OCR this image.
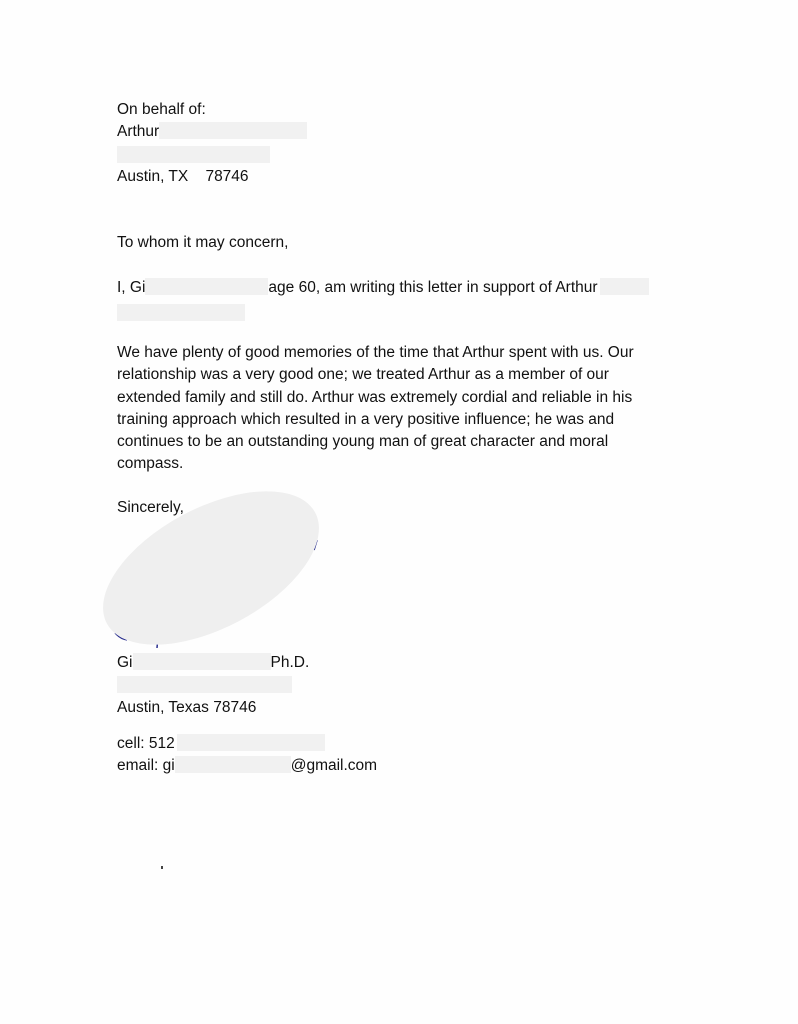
On behalf of:
Arthur
Austin, TX    78746
To whom it may concern,
I, Gi	age 60, am writing this letter in support of Arthur
We have plenty of good memories of the time that Arthur spent with us. Our relationship was a very good one; we treated Arthur as a member of our extended family and still do. Arthur was extremely cordial and reliable in his training approach which resulted in a very positive influence; he was and continues to be an outstanding young man of great character and moral compass.
Sincerely,
Gi	Ph.D.
Austin, Texas 78746
cell: 512
email: gi	@gmail.com
